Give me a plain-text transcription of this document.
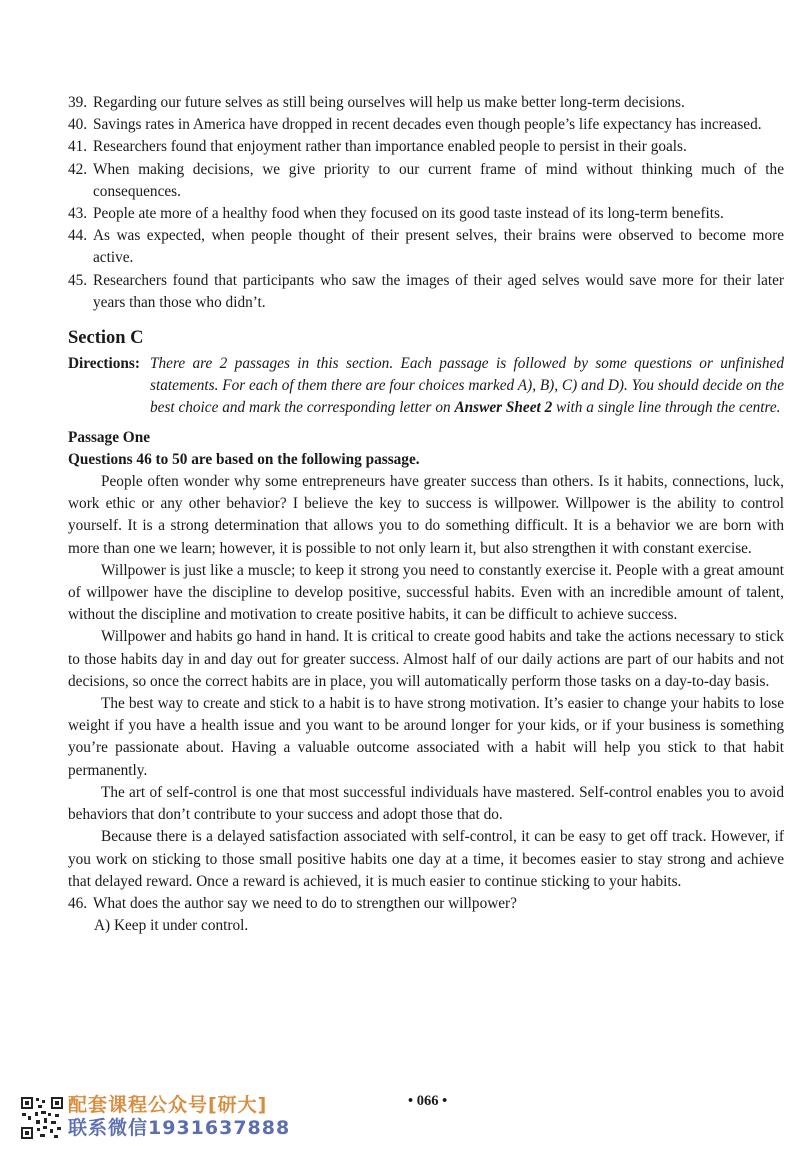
39. Regarding our future selves as still being ourselves will help us make better long-term decisions.
40. Savings rates in America have dropped in recent decades even though people’s life expectancy has increased.
41. Researchers found that enjoyment rather than importance enabled people to persist in their goals.
42. When making decisions, we give priority to our current frame of mind without thinking much of the consequences.
43. People ate more of a healthy food when they focused on its good taste instead of its long-term benefits.
44. As was expected, when people thought of their present selves, their brains were observed to become more active.
45. Researchers found that participants who saw the images of their aged selves would save more for their later years than those who didn’t.
Section C
Directions: There are 2 passages in this section. Each passage is followed by some questions or unfinished statements. For each of them there are four choices marked A), B), C) and D). You should decide on the best choice and mark the corresponding letter on Answer Sheet 2 with a single line through the centre.
Passage One
Questions 46 to 50 are based on the following passage.

People often wonder why some entrepreneurs have greater success than others. Is it habits, connections, luck, work ethic or any other behavior? I believe the key to success is willpower. Willpower is the ability to control yourself. It is a strong determination that allows you to do something difficult. It is a behavior we are born with more than one we learn; however, it is possible to not only learn it, but also strengthen it with constant exercise.

Willpower is just like a muscle; to keep it strong you need to constantly exercise it. People with a great amount of willpower have the discipline to develop positive, successful habits. Even with an incredible amount of talent, without the discipline and motivation to create positive habits, it can be difficult to achieve success.

Willpower and habits go hand in hand. It is critical to create good habits and take the actions necessary to stick to those habits day in and day out for greater success. Almost half of our daily actions are part of our habits and not decisions, so once the correct habits are in place, you will automatically perform those tasks on a day-to-day basis.

The best way to create and stick to a habit is to have strong motivation. It’s easier to change your habits to lose weight if you have a health issue and you want to be around longer for your kids, or if your business is something you’re passionate about. Having a valuable outcome associated with a habit will help you stick to that habit permanently.

The art of self-control is one that most successful individuals have mastered. Self-control enables you to avoid behaviors that don’t contribute to your success and adopt those that do.

Because there is a delayed satisfaction associated with self-control, it can be easy to get off track. However, if you work on sticking to those small positive habits one day at a time, it becomes easier to stay strong and achieve that delayed reward. Once a reward is achieved, it is much easier to continue sticking to your habits.

46. What does the author say we need to do to strengthen our willpower?
A) Keep it under control.
• 066 •
配套课程公众号[研大]
联系微信1931637888
